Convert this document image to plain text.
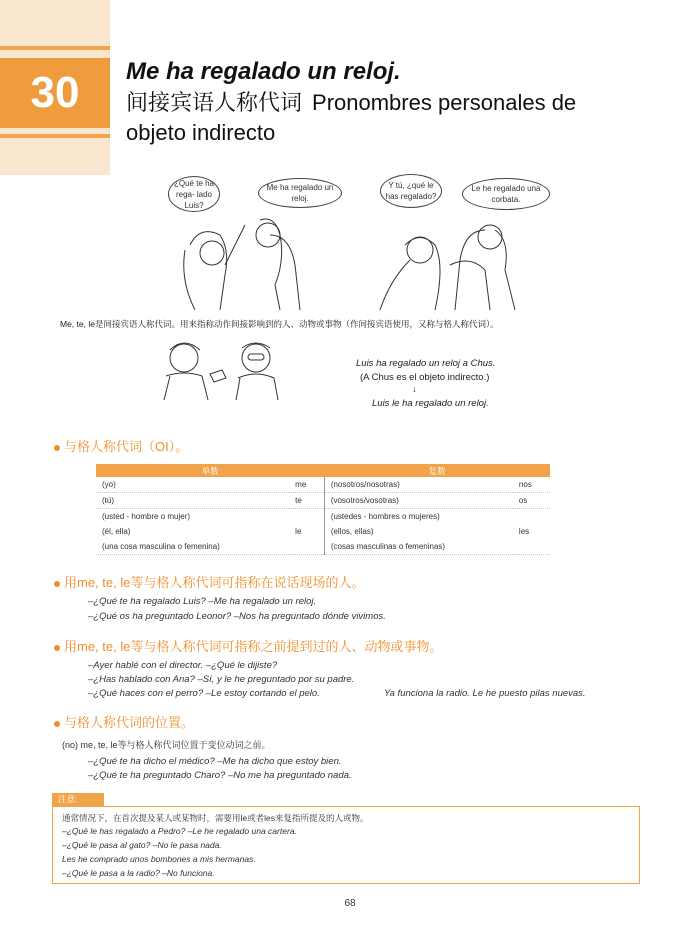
30	Me ha regalado un reloj.
间接宾语人称代词 Pronombres personales de
objeto indirecto
¿Qué te ha rega- lado Luis?
Me ha regalado un reloj.
Y tú, ¿qué le has regalado?
Le he regalado una corbata.
Me, te, le是间接宾语人称代词。用来指称动作间接影响到的人、动物或事物（作间接宾语使用，又称与格人称代词）。
Luis ha regalado un reloj a Chus.
(A Chus es el objeto indirecto.)
↓
Luis le ha regalado un reloj.
与格人称代词（OI）。
单数		复数	
(yo)	me	(nosotros/nosotras)	nos
(tú)	te	(vosotros/vosotras)	os
(usted - hombre o mujer)		(ustedes - hombres o mujeres)	
(él, ella)	le	(ellos, ellas)	les
(una cosa masculina o femenina)		(cosas masculinas o femeninas)	
用me, te, le等与格人称代词可指称在说话现场的人。
–¿Qué te ha regalado Luis? –Me ha regalado un reloj.
–¿Qué os ha preguntado Leonor? –Nos ha preguntado dónde vivimos.
用me, te, le等与格人称代词可指称之前提到过的人、动物或事物。
–Ayer hablé con el director. –¿Qué le dijiste?
–¿Has hablado con Ana? –Sí, y le he preguntado por su padre.
–¿Qué haces con el perro? –Le estoy cortando el pelo.	Ya funciona la radio. Le he puesto pilas nuevas.
与格人称代词的位置。
(no) me, te, le等与格人称代词位置于变位动词之前。
–¿Qué te ha dicho el médico? –Me ha dicho que estoy bien.
–¿Qué te ha preguntado Charo? –No me ha preguntado nada.
注意:
通常情况下，在首次提及某人或某物时，需要用le或者les来复指所提及的人或物。
–¿Qué le has regalado a Pedro? –Le he regalado una cartera.
–¿Qué le pasa al gato? –No le pasa nada.
Les he comprado unos bombones a mis hermanas.
–¿Qué le pasa a la radio? –No funciona.
68
